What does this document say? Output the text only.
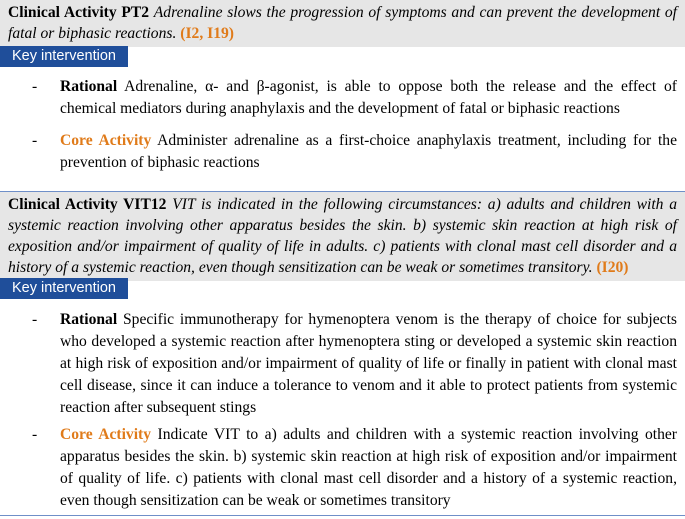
Clinical Activity PT2 Adrenaline slows the progression of symptoms and can prevent the development of fatal or biphasic reactions. (I2, I19)
Key intervention
- Rational Adrenaline, α- and β-agonist, is able to oppose both the release and the effect of chemical mediators during anaphylaxis and the development of fatal or biphasic reactions
- Core Activity Administer adrenaline as a first-choice anaphylaxis treatment, including for the prevention of biphasic reactions
Clinical Activity VIT12 VIT is indicated in the following circumstances: a) adults and children with a systemic reaction involving other apparatus besides the skin. b) systemic skin reaction at high risk of exposition and/or impairment of quality of life in adults. c) patients with clonal mast cell disorder and a history of a systemic reaction, even though sensitization can be weak or sometimes transitory. (I20)
Key intervention
- Rational Specific immunotherapy for hymenoptera venom is the therapy of choice for subjects who developed a systemic reaction after hymenoptera sting or developed a systemic skin reaction at high risk of exposition and/or impairment of quality of life or finally in patient with clonal mast cell disease, since it can induce a tolerance to venom and it able to protect patients from systemic reaction after subsequent stings
- Core Activity Indicate VIT to a) adults and children with a systemic reaction involving other apparatus besides the skin. b) systemic skin reaction at high risk of exposition and/or impairment of quality of life. c) patients with clonal mast cell disorder and a history of a systemic reaction, even though sensitization can be weak or sometimes transitory
